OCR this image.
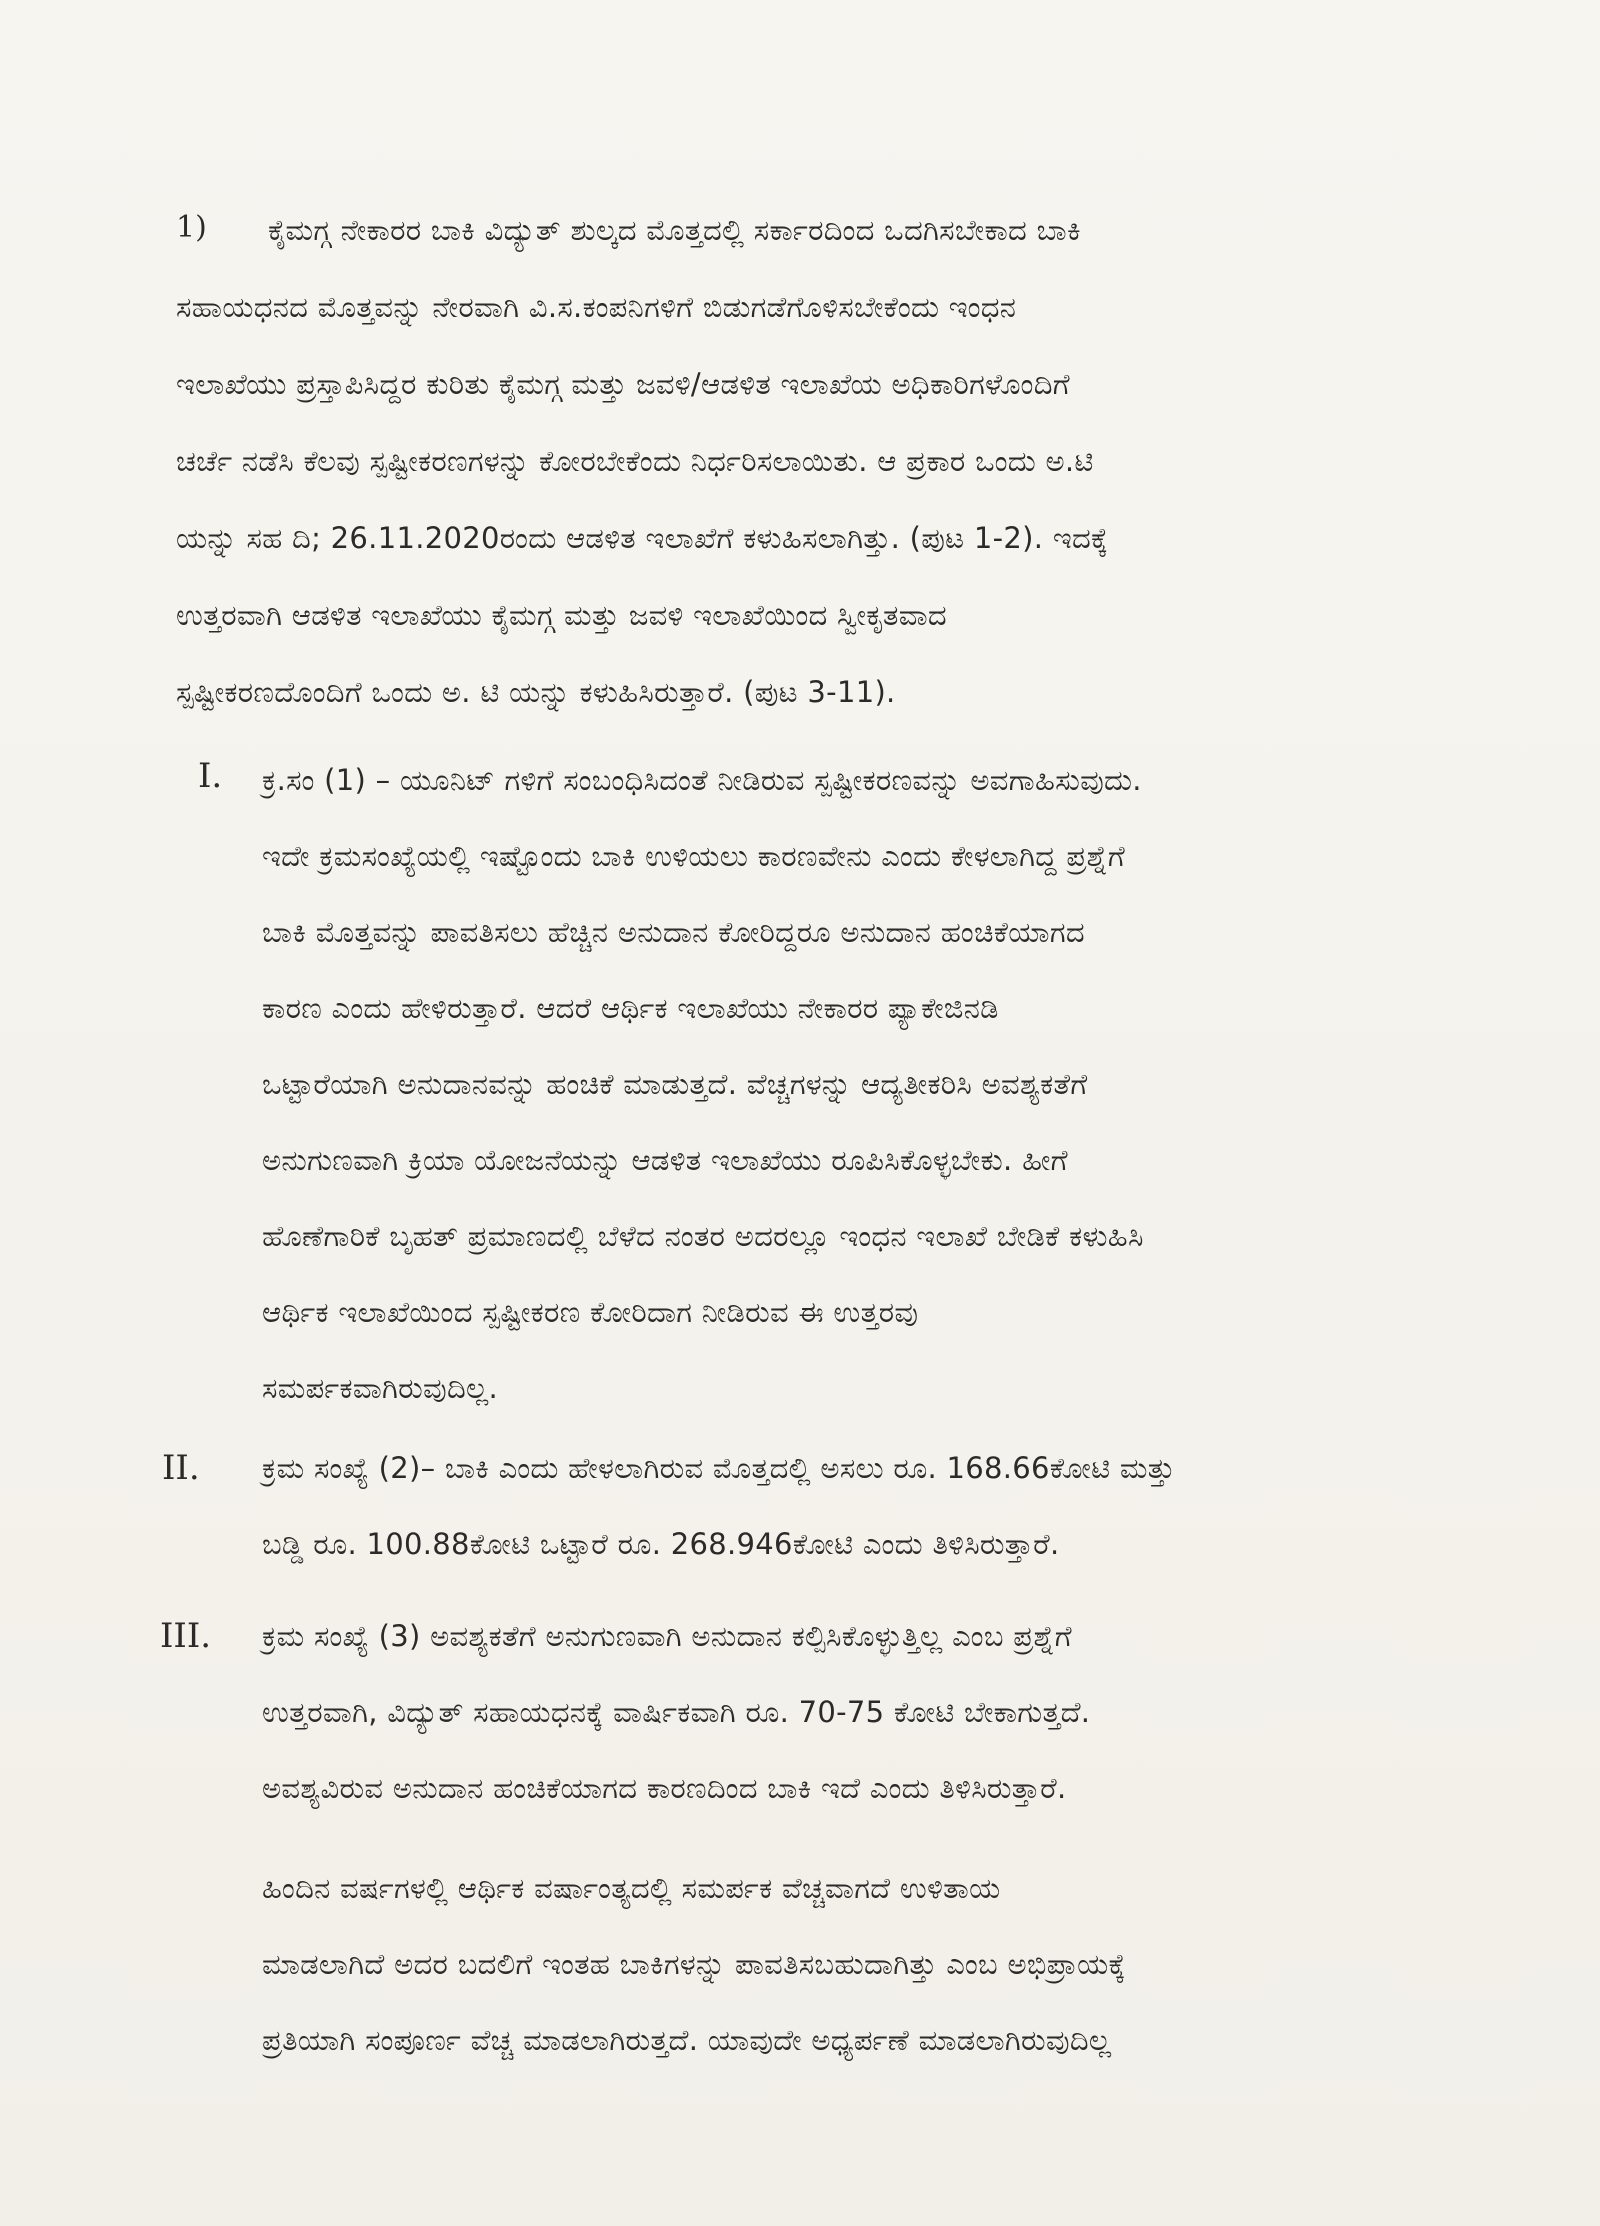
1) ಕೈಮಗ್ಗ ನೇಕಾರರ ಬಾಕಿ ವಿದ್ಯುತ್ ಶುಲ್ಕದ ಮೊತ್ತದಲ್ಲಿ ಸರ್ಕಾರದಿಂದ ಒದಗಿಸಬೇಕಾದ ಬಾಕಿ
ಸಹಾಯಧನದ ಮೊತ್ತವನ್ನು ನೇರವಾಗಿ ವಿ.ಸ.ಕಂಪನಿಗಳಿಗೆ ಬಿಡುಗಡೆಗೊಳಿಸಬೇಕೆಂದು ಇಂಧನ
ಇಲಾಖೆಯು ಪ್ರಸ್ತಾಪಿಸಿದ್ದರ ಕುರಿತು ಕೈಮಗ್ಗ ಮತ್ತು ಜವಳಿ/ಆಡಳಿತ ಇಲಾಖೆಯ ಅಧಿಕಾರಿಗಳೊಂದಿಗೆ
ಚರ್ಚೆ ನಡೆಸಿ ಕೆಲವು ಸ್ಪಷ್ಟೀಕರಣಗಳನ್ನು ಕೋರಬೇಕೆಂದು ನಿರ್ಧರಿಸಲಾಯಿತು. ಆ ಪ್ರಕಾರ ಒಂದು ಅ.ಟಿ
ಯನ್ನು ಸಹ ದಿ; 26.11.2020ರಂದು ಆಡಳಿತ ಇಲಾಖೆಗೆ ಕಳುಹಿಸಲಾಗಿತ್ತು. (ಪುಟ 1-2). ಇದಕ್ಕೆ
ಉತ್ತರವಾಗಿ ಆಡಳಿತ ಇಲಾಖೆಯು ಕೈಮಗ್ಗ ಮತ್ತು ಜವಳಿ ಇಲಾಖೆಯಿಂದ ಸ್ವೀಕೃತವಾದ
ಸ್ಪಷ್ಟೀಕರಣದೊಂದಿಗೆ ಒಂದು ಅ. ಟಿ ಯನ್ನು ಕಳುಹಿಸಿರುತ್ತಾರೆ. (ಪುಟ 3-11).
I. ಕ್ರ.ಸಂ (1) – ಯೂನಿಟ್ ಗಳಿಗೆ ಸಂಬಂಧಿಸಿದಂತೆ ನೀಡಿರುವ ಸ್ಪಷ್ಟೀಕರಣವನ್ನು ಅವಗಾಹಿಸುವುದು.
ಇದೇ ಕ್ರಮಸಂಖ್ಯೆಯಲ್ಲಿ ಇಷ್ಟೊಂದು ಬಾಕಿ ಉಳಿಯಲು ಕಾರಣವೇನು ಎಂದು ಕೇಳಲಾಗಿದ್ದ ಪ್ರಶ್ನೆಗೆ
ಬಾಕಿ ಮೊತ್ತವನ್ನು ಪಾವತಿಸಲು ಹೆಚ್ಚಿನ ಅನುದಾನ ಕೋರಿದ್ದರೂ ಅನುದಾನ ಹಂಚಿಕೆಯಾಗದ
ಕಾರಣ ಎಂದು ಹೇಳಿರುತ್ತಾರೆ. ಆದರೆ ಆರ್ಥಿಕ ಇಲಾಖೆಯು ನೇಕಾರರ ಪ್ಯಾಕೇಜಿನಡಿ
ಒಟ್ಟಾರೆಯಾಗಿ ಅನುದಾನವನ್ನು ಹಂಚಿಕೆ ಮಾಡುತ್ತದೆ. ವೆಚ್ಚಗಳನ್ನು ಆದ್ಯತೀಕರಿಸಿ ಅವಶ್ಯಕತೆಗೆ
ಅನುಗುಣವಾಗಿ ಕ್ರಿಯಾ ಯೋಜನೆಯನ್ನು ಆಡಳಿತ ಇಲಾಖೆಯು ರೂಪಿಸಿಕೊಳ್ಳಬೇಕು. ಹೀಗೆ
ಹೊಣೆಗಾರಿಕೆ ಬೃಹತ್ ಪ್ರಮಾಣದಲ್ಲಿ ಬೆಳೆದ ನಂತರ ಅದರಲ್ಲೂ ಇಂಧನ ಇಲಾಖೆ ಬೇಡಿಕೆ ಕಳುಹಿಸಿ
ಆರ್ಥಿಕ ಇಲಾಖೆಯಿಂದ ಸ್ಪಷ್ಟೀಕರಣ ಕೋರಿದಾಗ ನೀಡಿರುವ ಈ ಉತ್ತರವು
ಸಮರ್ಪಕವಾಗಿರುವುದಿಲ್ಲ.
II. ಕ್ರಮ ಸಂಖ್ಯೆ (2)– ಬಾಕಿ ಎಂದು ಹೇಳಲಾಗಿರುವ ಮೊತ್ತದಲ್ಲಿ ಅಸಲು ರೂ. 168.66ಕೋಟಿ ಮತ್ತು
ಬಡ್ಡಿ ರೂ. 100.88ಕೋಟಿ ಒಟ್ಟಾರೆ ರೂ. 268.946ಕೋಟಿ ಎಂದು ತಿಳಿಸಿರುತ್ತಾರೆ.
III. ಕ್ರಮ ಸಂಖ್ಯೆ (3) ಅವಶ್ಯಕತೆಗೆ ಅನುಗುಣವಾಗಿ ಅನುದಾನ ಕಲ್ಪಿಸಿಕೊಳ್ಳುತ್ತಿಲ್ಲ ಎಂಬ ಪ್ರಶ್ನೆಗೆ
ಉತ್ತರವಾಗಿ, ವಿದ್ಯುತ್ ಸಹಾಯಧನಕ್ಕೆ ವಾರ್ಷಿಕವಾಗಿ ರೂ. 70-75 ಕೋಟಿ ಬೇಕಾಗುತ್ತದೆ.
ಅವಶ್ಯವಿರುವ ಅನುದಾನ ಹಂಚಿಕೆಯಾಗದ ಕಾರಣದಿಂದ ಬಾಕಿ ಇದೆ ಎಂದು ತಿಳಿಸಿರುತ್ತಾರೆ.
ಹಿಂದಿನ ವರ್ಷಗಳಲ್ಲಿ ಆರ್ಥಿಕ ವರ್ಷಾಂತ್ಯದಲ್ಲಿ ಸಮರ್ಪಕ ವೆಚ್ಚವಾಗದೆ ಉಳಿತಾಯ
ಮಾಡಲಾಗಿದೆ ಅದರ ಬದಲಿಗೆ ಇಂತಹ ಬಾಕಿಗಳನ್ನು ಪಾವತಿಸಬಹುದಾಗಿತ್ತು ಎಂಬ ಅಭಿಪ್ರಾಯಕ್ಕೆ
ಪ್ರತಿಯಾಗಿ ಸಂಪೂರ್ಣ ವೆಚ್ಚ ಮಾಡಲಾಗಿರುತ್ತದೆ. ಯಾವುದೇ ಅಧ್ಯರ್ಪಣೆ ಮಾಡಲಾಗಿರುವುದಿಲ್ಲ
